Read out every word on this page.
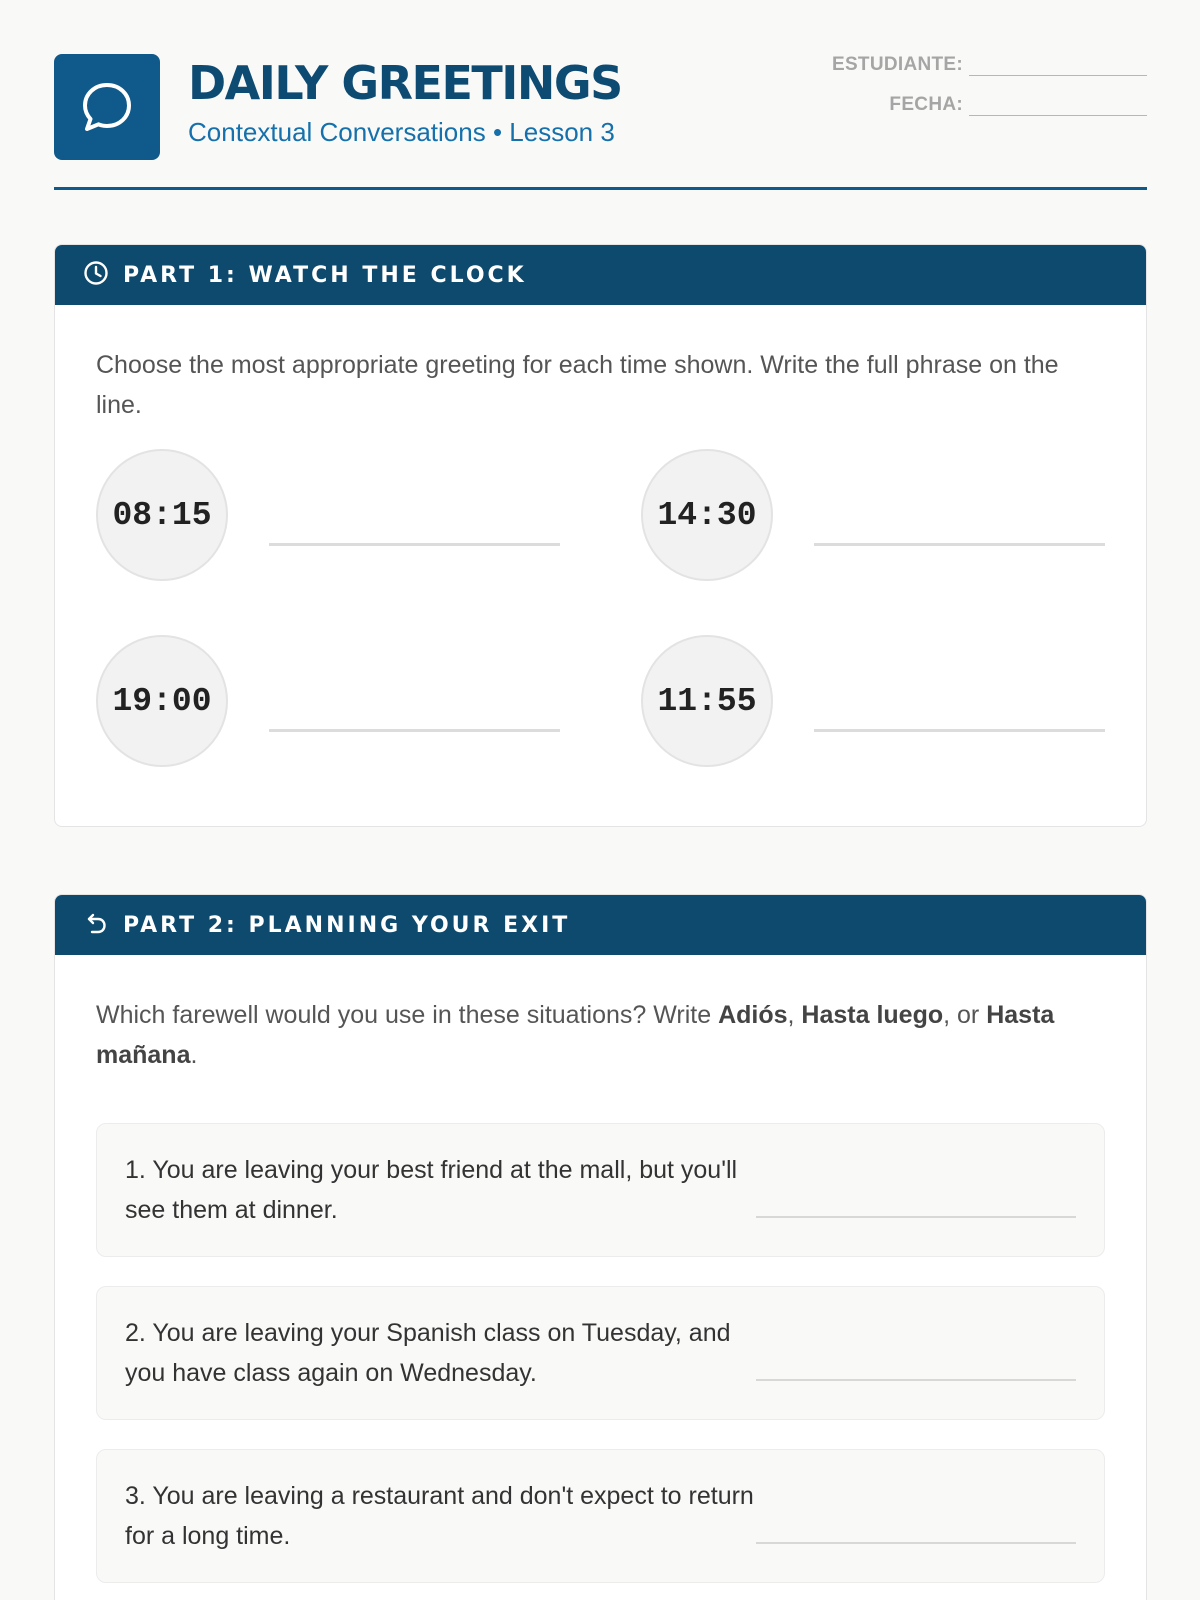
DAILY GREETINGS
Contextual Conversations • Lesson 3
ESTUDIANTE:
FECHA:
PART 1: WATCH THE CLOCK
Choose the most appropriate greeting for each time shown. Write the full phrase on the line.
08:15	14:30
19:00	11:55
PART 2: PLANNING YOUR EXIT
Which farewell would you use in these situations? Write Adiós, Hasta luego, or Hasta mañana.
1. You are leaving your best friend at the mall, but you'll see them at dinner.
2. You are leaving your Spanish class on Tuesday, and you have class again on Wednesday.
3. You are leaving a restaurant and don't expect to return for a long time.
